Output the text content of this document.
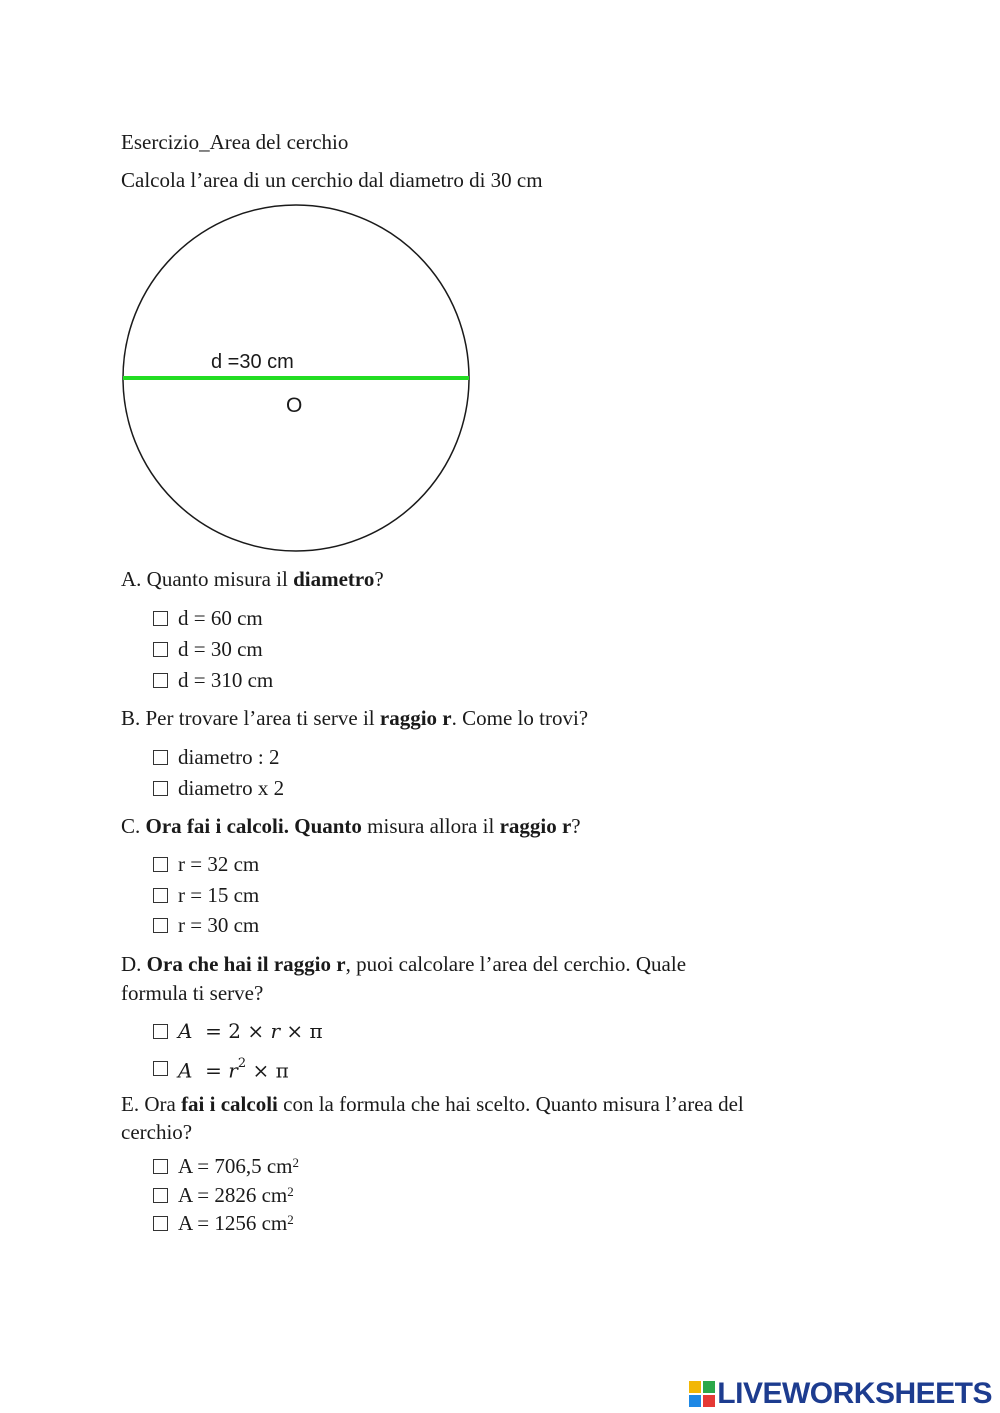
Esercizio_Area del cerchio
Calcola l’area di un cerchio dal diametro di 30 cm
d =30 cm
O
A. Quanto misura il diametro?
d = 60 cm
d = 30 cm
d = 310 cm
B. Per trovare l’area ti serve il raggio r. Come lo trovi?
diametro : 2
diametro x 2
C. Ora fai i calcoli. Quanto misura allora il raggio r?
r = 32 cm
r = 15 cm
r = 30 cm
D. Ora che hai il raggio r, puoi calcolare l’area del cerchio. Quale
formula ti serve?
A = 2 × r × π
$A = r^2 \times \pi$
E. Ora fai i calcoli con la formula che hai scelto. Quanto misura l’area del
cerchio?
A = 706,5 $cm^2$
A = 2826 $cm^2$
A = 1256 $cm^2$
LIVEWORKSHEETS
